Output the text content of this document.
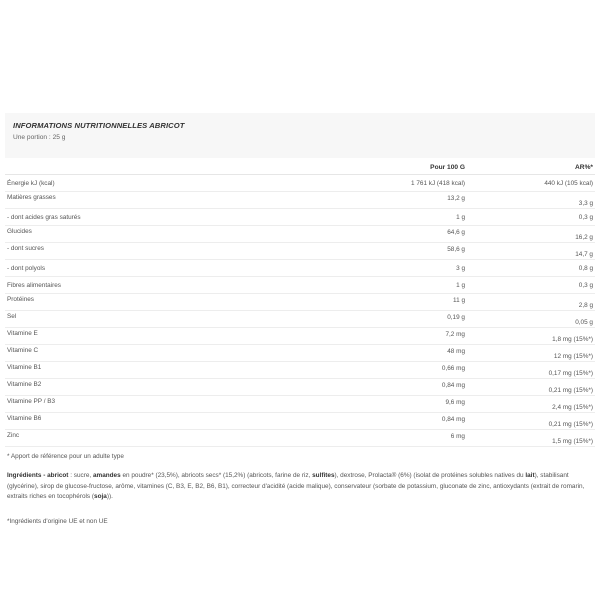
INFORMATIONS NUTRITIONNELLES ABRICOT
Une portion : 25 g
	Pour 100 G	AR%*
Énergie kJ (kcal)	1 761 kJ (418 kcal)	440 kJ (105 kcal)
Matières grasses	13,2 g	3,3 g
- dont acides gras saturés	1 g	0,3 g
Glucides	64,6 g	16,2 g
- dont sucres	58,6 g	14,7 g
- dont polyols	3 g	0,8 g
Fibres alimentaires	1 g	0,3 g
Protéines	11 g	2,8 g
Sel	0,19 g	0,05 g
Vitamine E	7,2 mg	1,8 mg (15%*)
Vitamine C	48 mg	12 mg (15%*)
Vitamine B1	0,66 mg	0,17 mg (15%*)
Vitamine B2	0,84 mg	0,21 mg (15%*)
Vitamine PP / B3	9,6 mg	2,4 mg (15%*)
Vitamine B6	0,84 mg	0,21 mg (15%*)
Zinc	6 mg	1,5 mg (15%*)
* Apport de référence pour un adulte type
Ingrédients - abricot : sucre, amandes en poudre* (23,5%), abricots secs* (15,2%) (abricots, farine de riz, sulfites), dextrose, Prolacta® (6%) (isolat de protéines solubles natives du lait), stabilisant (glycérine), sirop de glucose-fructose, arôme, vitamines (C, B3, E, B2, B6, B1), correcteur d'acidité (acide malique), conservateur (sorbate de potassium, gluconate de zinc, antioxydants (extrait de romarin, extraits riches en tocophérols (soja)).
*Ingrédients d'origine UE et non UE
